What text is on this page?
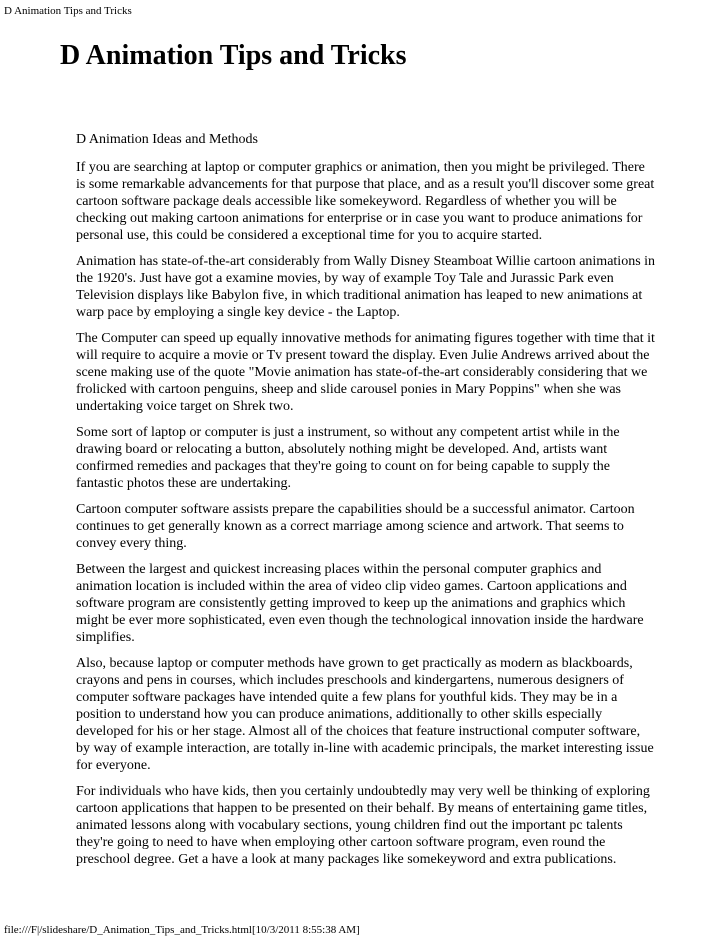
D Animation Tips and Tricks
D Animation Tips and Tricks

D Animation Ideas and Methods

If you are searching at laptop or computer graphics or animation, then you might be privileged. There is some remarkable advancements for that purpose that place, and as a result you'll discover some great cartoon software package deals accessible like somekeyword. Regardless of whether you will be checking out making cartoon animations for enterprise or in case you want to produce animations for personal use, this could be considered a exceptional time for you to acquire started.

Animation has state-of-the-art considerably from Wally Disney Steamboat Willie cartoon animations in the 1920's. Just have got a examine movies, by way of example Toy Tale and Jurassic Park even Television displays like Babylon five, in which traditional animation has leaped to new animations at warp pace by employing a single key device - the Laptop.

The Computer can speed up equally innovative methods for animating figures together with time that it will require to acquire a movie or Tv present toward the display. Even Julie Andrews arrived about the scene making use of the quote "Movie animation has state-of-the-art considerably considering that we frolicked with cartoon penguins, sheep and slide carousel ponies in Mary Poppins" when she was undertaking voice target on Shrek two.

Some sort of laptop or computer is just a instrument, so without any competent artist while in the drawing board or relocating a button, absolutely nothing might be developed. And, artists want confirmed remedies and packages that they're going to count on for being capable to supply the fantastic photos these are undertaking.

Cartoon computer software assists prepare the capabilities should be a successful animator. Cartoon continues to get generally known as a correct marriage among science and artwork. That seems to convey every thing.

Between the largest and quickest increasing places within the personal computer graphics and animation location is included within the area of video clip video games. Cartoon applications and software program are consistently getting improved to keep up the animations and graphics which might be ever more sophisticated, even even though the technological innovation inside the hardware simplifies.

Also, because laptop or computer methods have grown to get practically as modern as blackboards, crayons and pens in courses, which includes preschools and kindergartens, numerous designers of computer software packages have intended quite a few plans for youthful kids. They may be in a position to understand how you can produce animations, additionally to other skills especially developed for his or her stage. Almost all of the choices that feature instructional computer software, by way of example interaction, are totally in-line with academic principals, the market interesting issue for everyone.

For individuals who have kids, then you certainly undoubtedly may very well be thinking of exploring cartoon applications that happen to be presented on their behalf. By means of entertaining game titles, animated lessons along with vocabulary sections, young children find out the important pc talents they're going to need to have when employing other cartoon software program, even round the preschool degree. Get a have a look at many packages like somekeyword and extra publications.

file:///F|/slideshare/D_Animation_Tips_and_Tricks.html[10/3/2011 8:55:38 AM]
